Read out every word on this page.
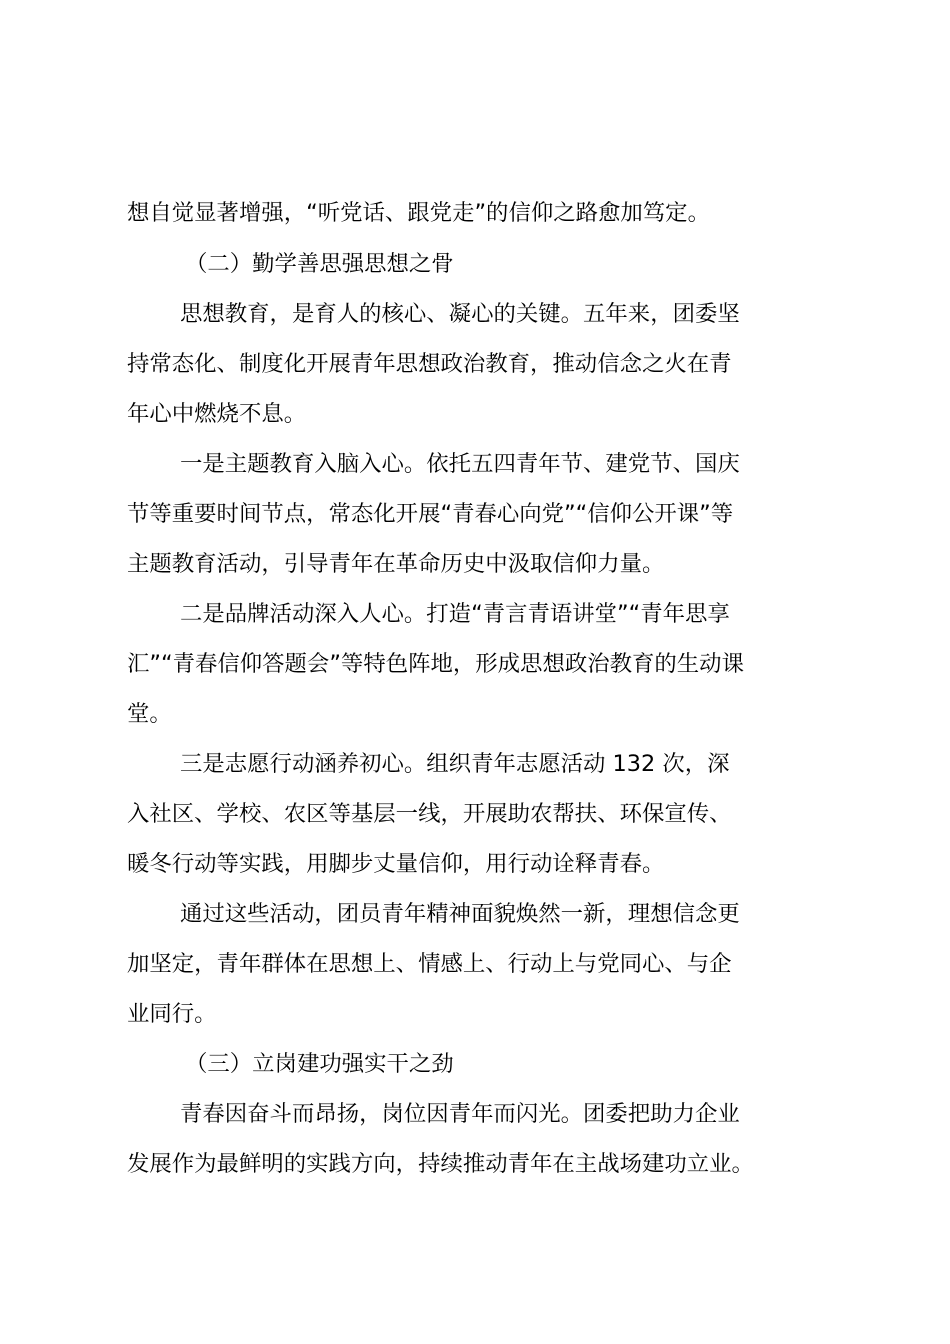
想自觉显著增强，“听党话、跟党走”的信仰之路愈加笃定。
（二）勤学善思强思想之骨
思想教育，是育人的核心、凝心的关键。五年来，团委坚
持常态化、制度化开展青年思想政治教育，推动信念之火在青
年心中燃烧不息。
一是主题教育入脑入心。依托五四青年节、建党节、国庆
节等重要时间节点，常态化开展“青春心向党”“信仰公开课”等
主题教育活动，引导青年在革命历史中汲取信仰力量。
二是品牌活动深入人心。打造“青言青语讲堂”“青年思享
汇”“青春信仰答题会”等特色阵地，形成思想政治教育的生动课
堂。
三是志愿行动涵养初心。组织青年志愿活动 132 次，深
入社区、学校、农区等基层一线，开展助农帮扶、环保宣传、
暖冬行动等实践，用脚步丈量信仰，用行动诠释青春。
通过这些活动，团员青年精神面貌焕然一新，理想信念更
加坚定，青年群体在思想上、情感上、行动上与党同心、与企
业同行。
（三）立岗建功强实干之劲
青春因奋斗而昂扬，岗位因青年而闪光。团委把助力企业
发展作为最鲜明的实践方向，持续推动青年在主战场建功立业。
